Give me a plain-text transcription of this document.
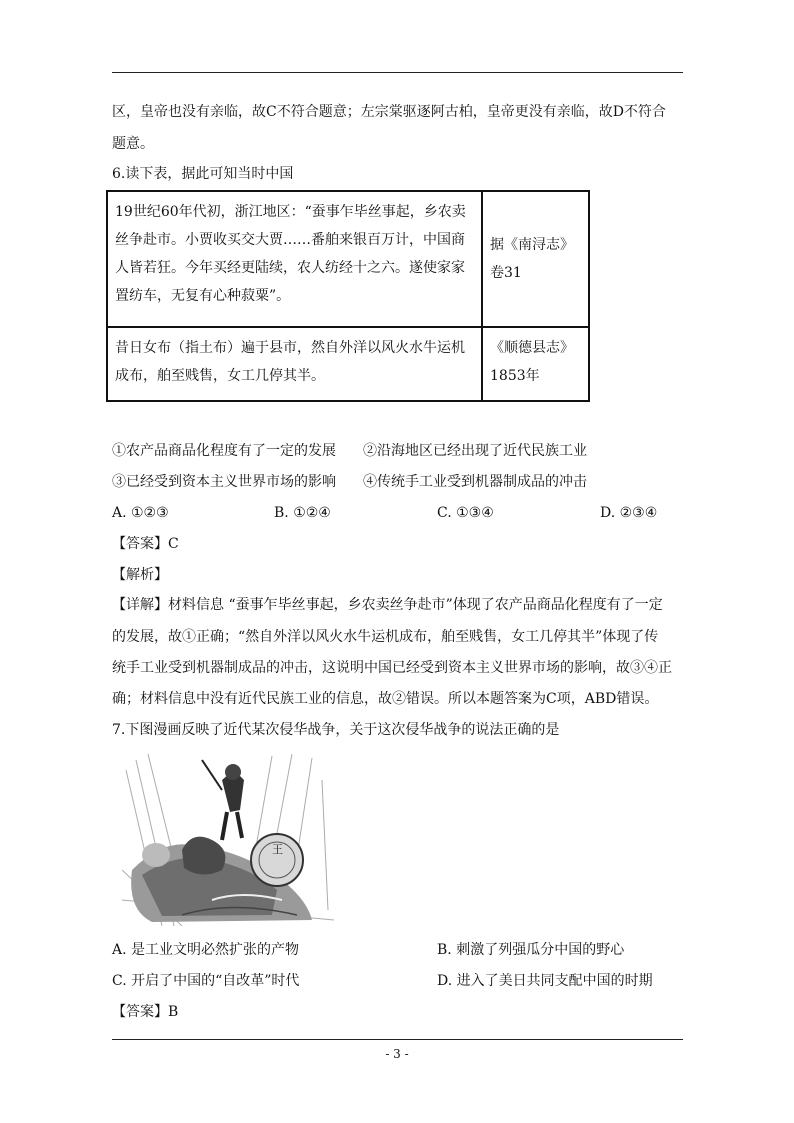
区，皇帝也没有亲临，故C不符合题意；左宗棠驱逐阿古柏，皇帝更没有亲临，故D不符合
题意。
6.读下表，据此可知当时中国
19世纪60年代初，浙江地区：“蚕事乍毕丝事起，乡农卖丝争赴市。小贾收买交大贾……番舶来银百万计，中国商人皆若狂。今年买经更陆续，农人纺经十之六。遂使家家置纺车，无复有心种菽粟”。	据《南浔志》卷31
昔日女布（指土布）遍于县市，然自外洋以风火水牛运机成布，舶至贱售，女工几停其半。	《顺德县志》1853年
①农产品商品化程度有了一定的发展 ②沿海地区已经出现了近代民族工业
③已经受到资本主义世界市场的影响 ④传统手工业受到机器制成品的冲击
A. ①②③	B. ①②④	C. ①③④	D. ②③④
【答案】C
【解析】
【详解】材料信息 “蚕事乍毕丝事起，乡农卖丝争赴市”体现了农产品商品化程度有了一定
的发展，故①正确；“然自外洋以风火水牛运机成布，舶至贱售，女工几停其半”体现了传
统手工业受到机器制成品的冲击，这说明中国已经受到资本主义世界市场的影响，故③④正
确；材料信息中没有近代民族工业的信息，故②错误。所以本题答案为C项，ABD错误。
7.下图漫画反映了近代某次侵华战争，关于这次侵华战争的说法正确的是
王
A. 是工业文明必然扩张的产物	B. 刺激了列强瓜分中国的野心
C. 开启了中国的“自改革”时代	D. 进入了美日共同支配中国的时期
【答案】B
- 3 -
